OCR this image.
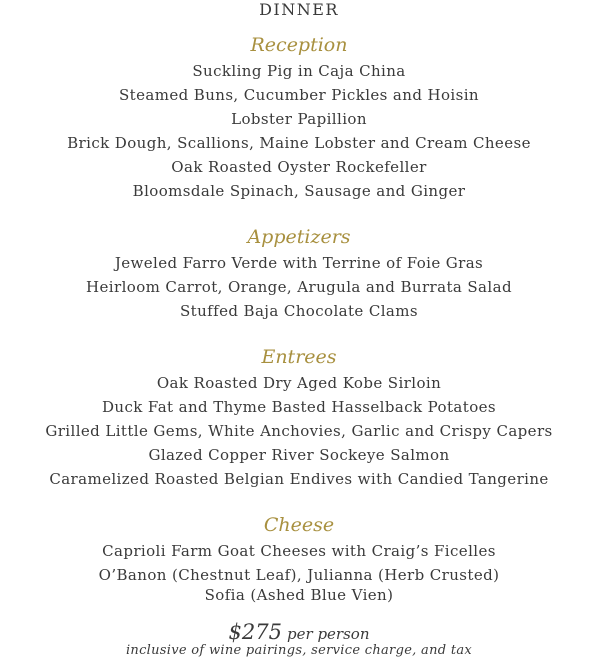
DINNER
Reception
Suckling Pig in Caja China
Steamed Buns, Cucumber Pickles and Hoisin
Lobster Papillion
Brick Dough, Scallions, Maine Lobster and Cream Cheese
Oak Roasted Oyster Rockefeller
Bloomsdale Spinach, Sausage and Ginger
Appetizers
Jeweled Farro Verde with Terrine of Foie Gras
Heirloom Carrot, Orange, Arugula and Burrata Salad
Stuffed Baja Chocolate Clams
Entrees
Oak Roasted Dry Aged Kobe Sirloin
Duck Fat and Thyme Basted Hasselback Potatoes
Grilled Little Gems, White Anchovies, Garlic and Crispy Capers
Glazed Copper River Sockeye Salmon
Caramelized Roasted Belgian Endives with Candied Tangerine
Cheese
Caprioli Farm Goat Cheeses with Craig’s Ficelles
O’Banon (Chestnut Leaf), Julianna (Herb Crusted)
Sofia (Ashed Blue Vien)
$275 per person
inclusive of wine pairings, service charge, and tax
